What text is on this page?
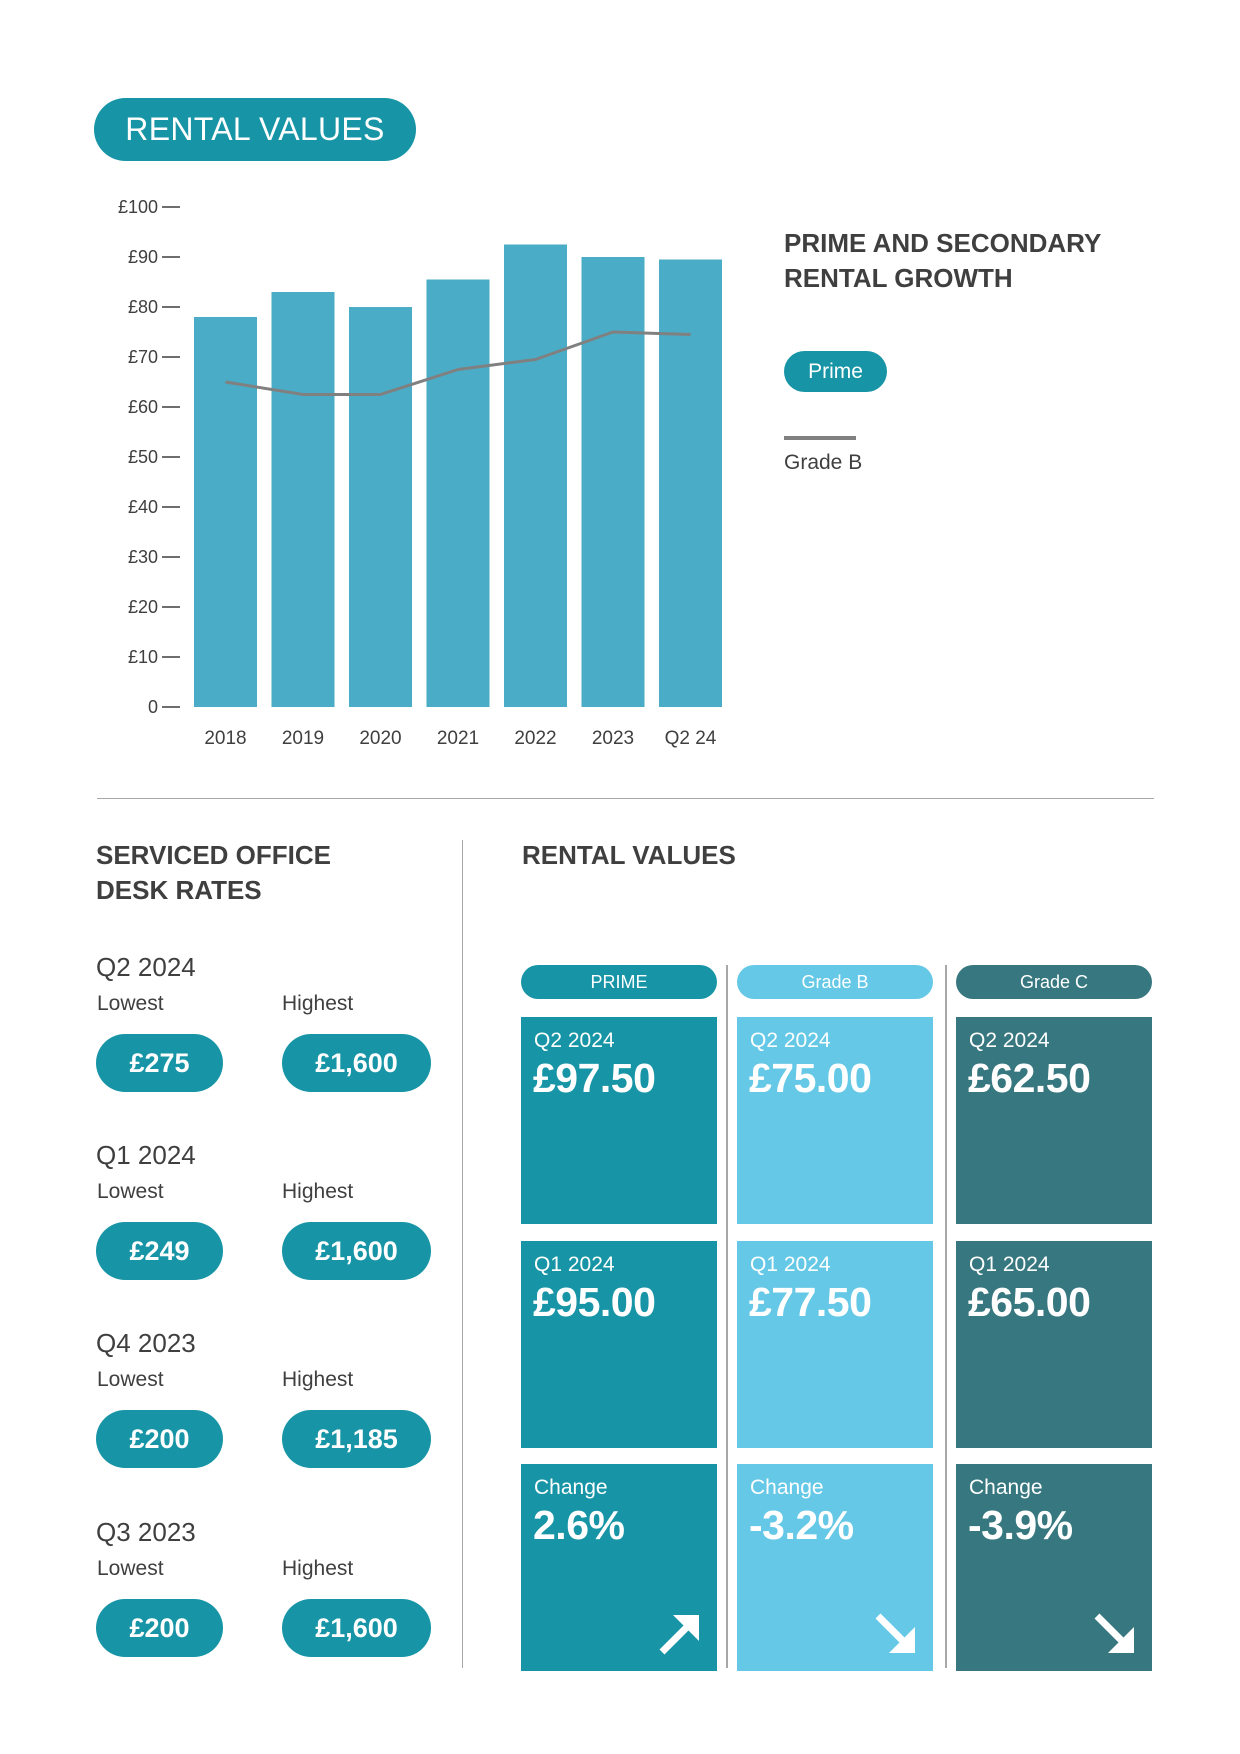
RENTAL VALUES
0
£10
£20
£30
£40
£50
£60
£70
£80
£90
£100
2018 2019 2020 2021 2022 2023 Q2 24
PRIME AND SECONDARY
RENTAL GROWTH
Prime
Grade B
SERVICED OFFICE
DESK RATES
Q2 2024
Lowest	Highest
£275	£1,600
Q1 2024
Lowest	Highest
£249	£1,600
Q4 2023
Lowest	Highest
£200	£1,185
Q3 2023
Lowest	Highest
£200	£1,600
RENTAL VALUES
PRIME
Q2 2024
£97.50
Q1 2024
£95.00
Change
2.6%
Grade B
Q2 2024
£75.00
Q1 2024
£77.50
Change
-3.2%
Grade C
Q2 2024
£62.50
Q1 2024
£65.00
Change
-3.9%
